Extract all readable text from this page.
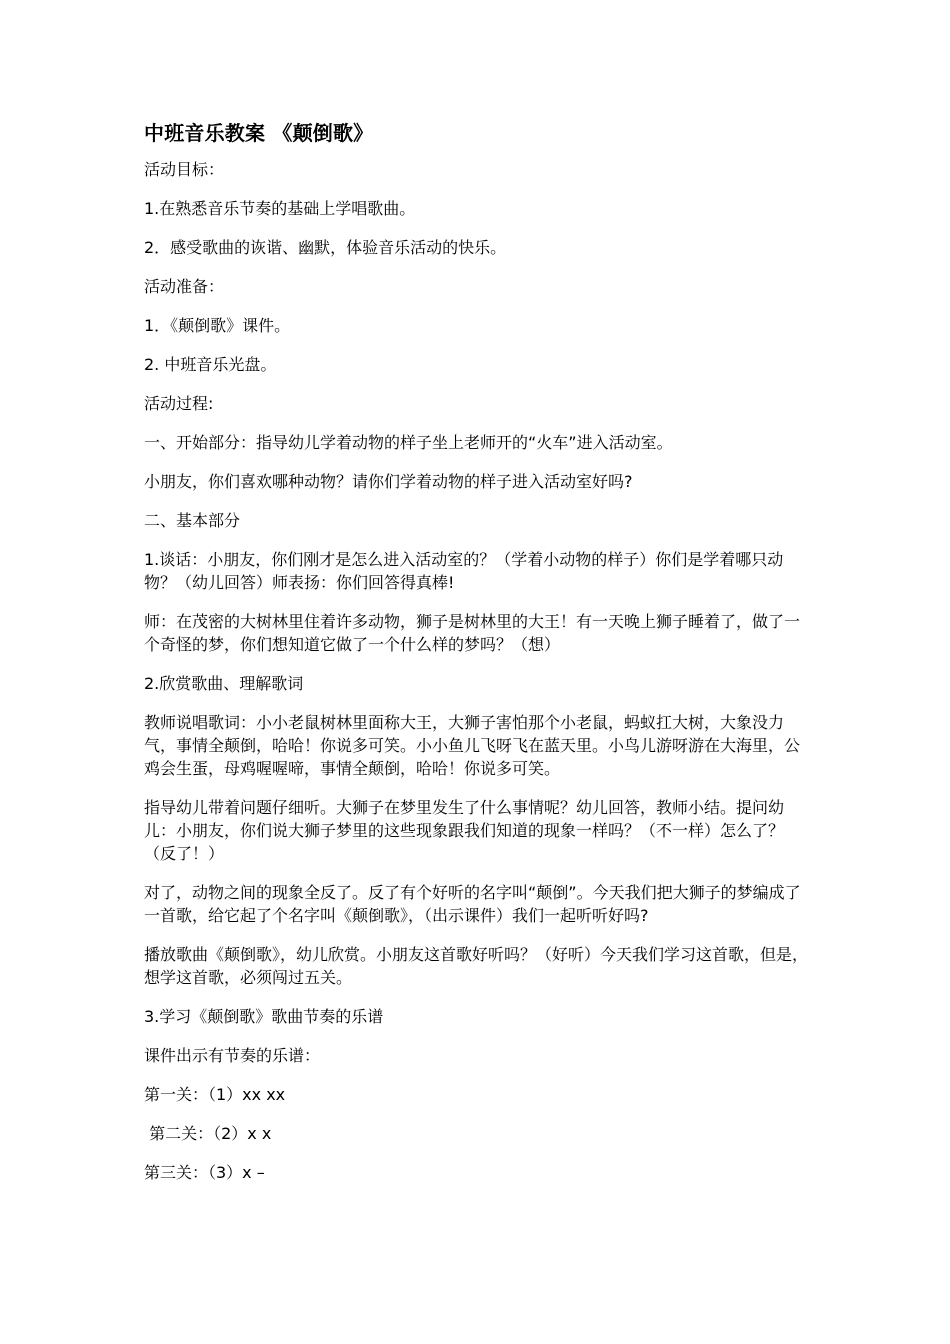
中班音乐教案 《颠倒歌》
活动目标：
1.在熟悉音乐节奏的基础上学唱歌曲。
2．感受歌曲的诙谐、幽默，体验音乐活动的快乐。
活动准备：
1．《颠倒歌》课件。
2. 中班音乐光盘。
活动过程:
一、开始部分：指导幼儿学着动物的样子坐上老师开的“火车”进入活动室。
小朋友，你们喜欢哪种动物？请你们学着动物的样子进入活动室好吗?
二、基本部分
1.谈话：小朋友，你们刚才是怎么进入活动室的？（学着小动物的样子）你们是学着哪只动物？（幼儿回答）师表扬：你们回答得真棒!
师：在茂密的大树林里住着许多动物，狮子是树林里的大王！有一天晚上狮子睡着了，做了一个奇怪的梦，你们想知道它做了一个什么样的梦吗？（想）
2.欣赏歌曲、理解歌词
教师说唱歌词：小小老鼠树林里面称大王，大狮子害怕那个小老鼠，蚂蚁扛大树，大象没力气，事情全颠倒，哈哈！你说多可笑。小小鱼儿飞呀飞在蓝天里。小鸟儿游呀游在大海里，公鸡会生蛋，母鸡喔喔啼，事情全颠倒，哈哈！你说多可笑。
指导幼儿带着问题仔细听。大狮子在梦里发生了什么事情呢？幼儿回答，教师小结。提问幼儿：小朋友，你们说大狮子梦里的这些现象跟我们知道的现象一样吗？（不一样）怎么了？（反了！）
对了，动物之间的现象全反了。反了有个好听的名字叫“颠倒”。今天我们把大狮子的梦编成了一首歌，给它起了个名字叫《颠倒歌》，（出示课件）我们一起听听好吗?
播放歌曲《颠倒歌》，幼儿欣赏。小朋友这首歌好听吗？（好听）今天我们学习这首歌，但是，想学这首歌，必须闯过五关。
3.学习《颠倒歌》歌曲节奏的乐谱
课件出示有节奏的乐谱：
第一关：（1）xx xx
第二关：（2）x x
第三关：（3）x –
